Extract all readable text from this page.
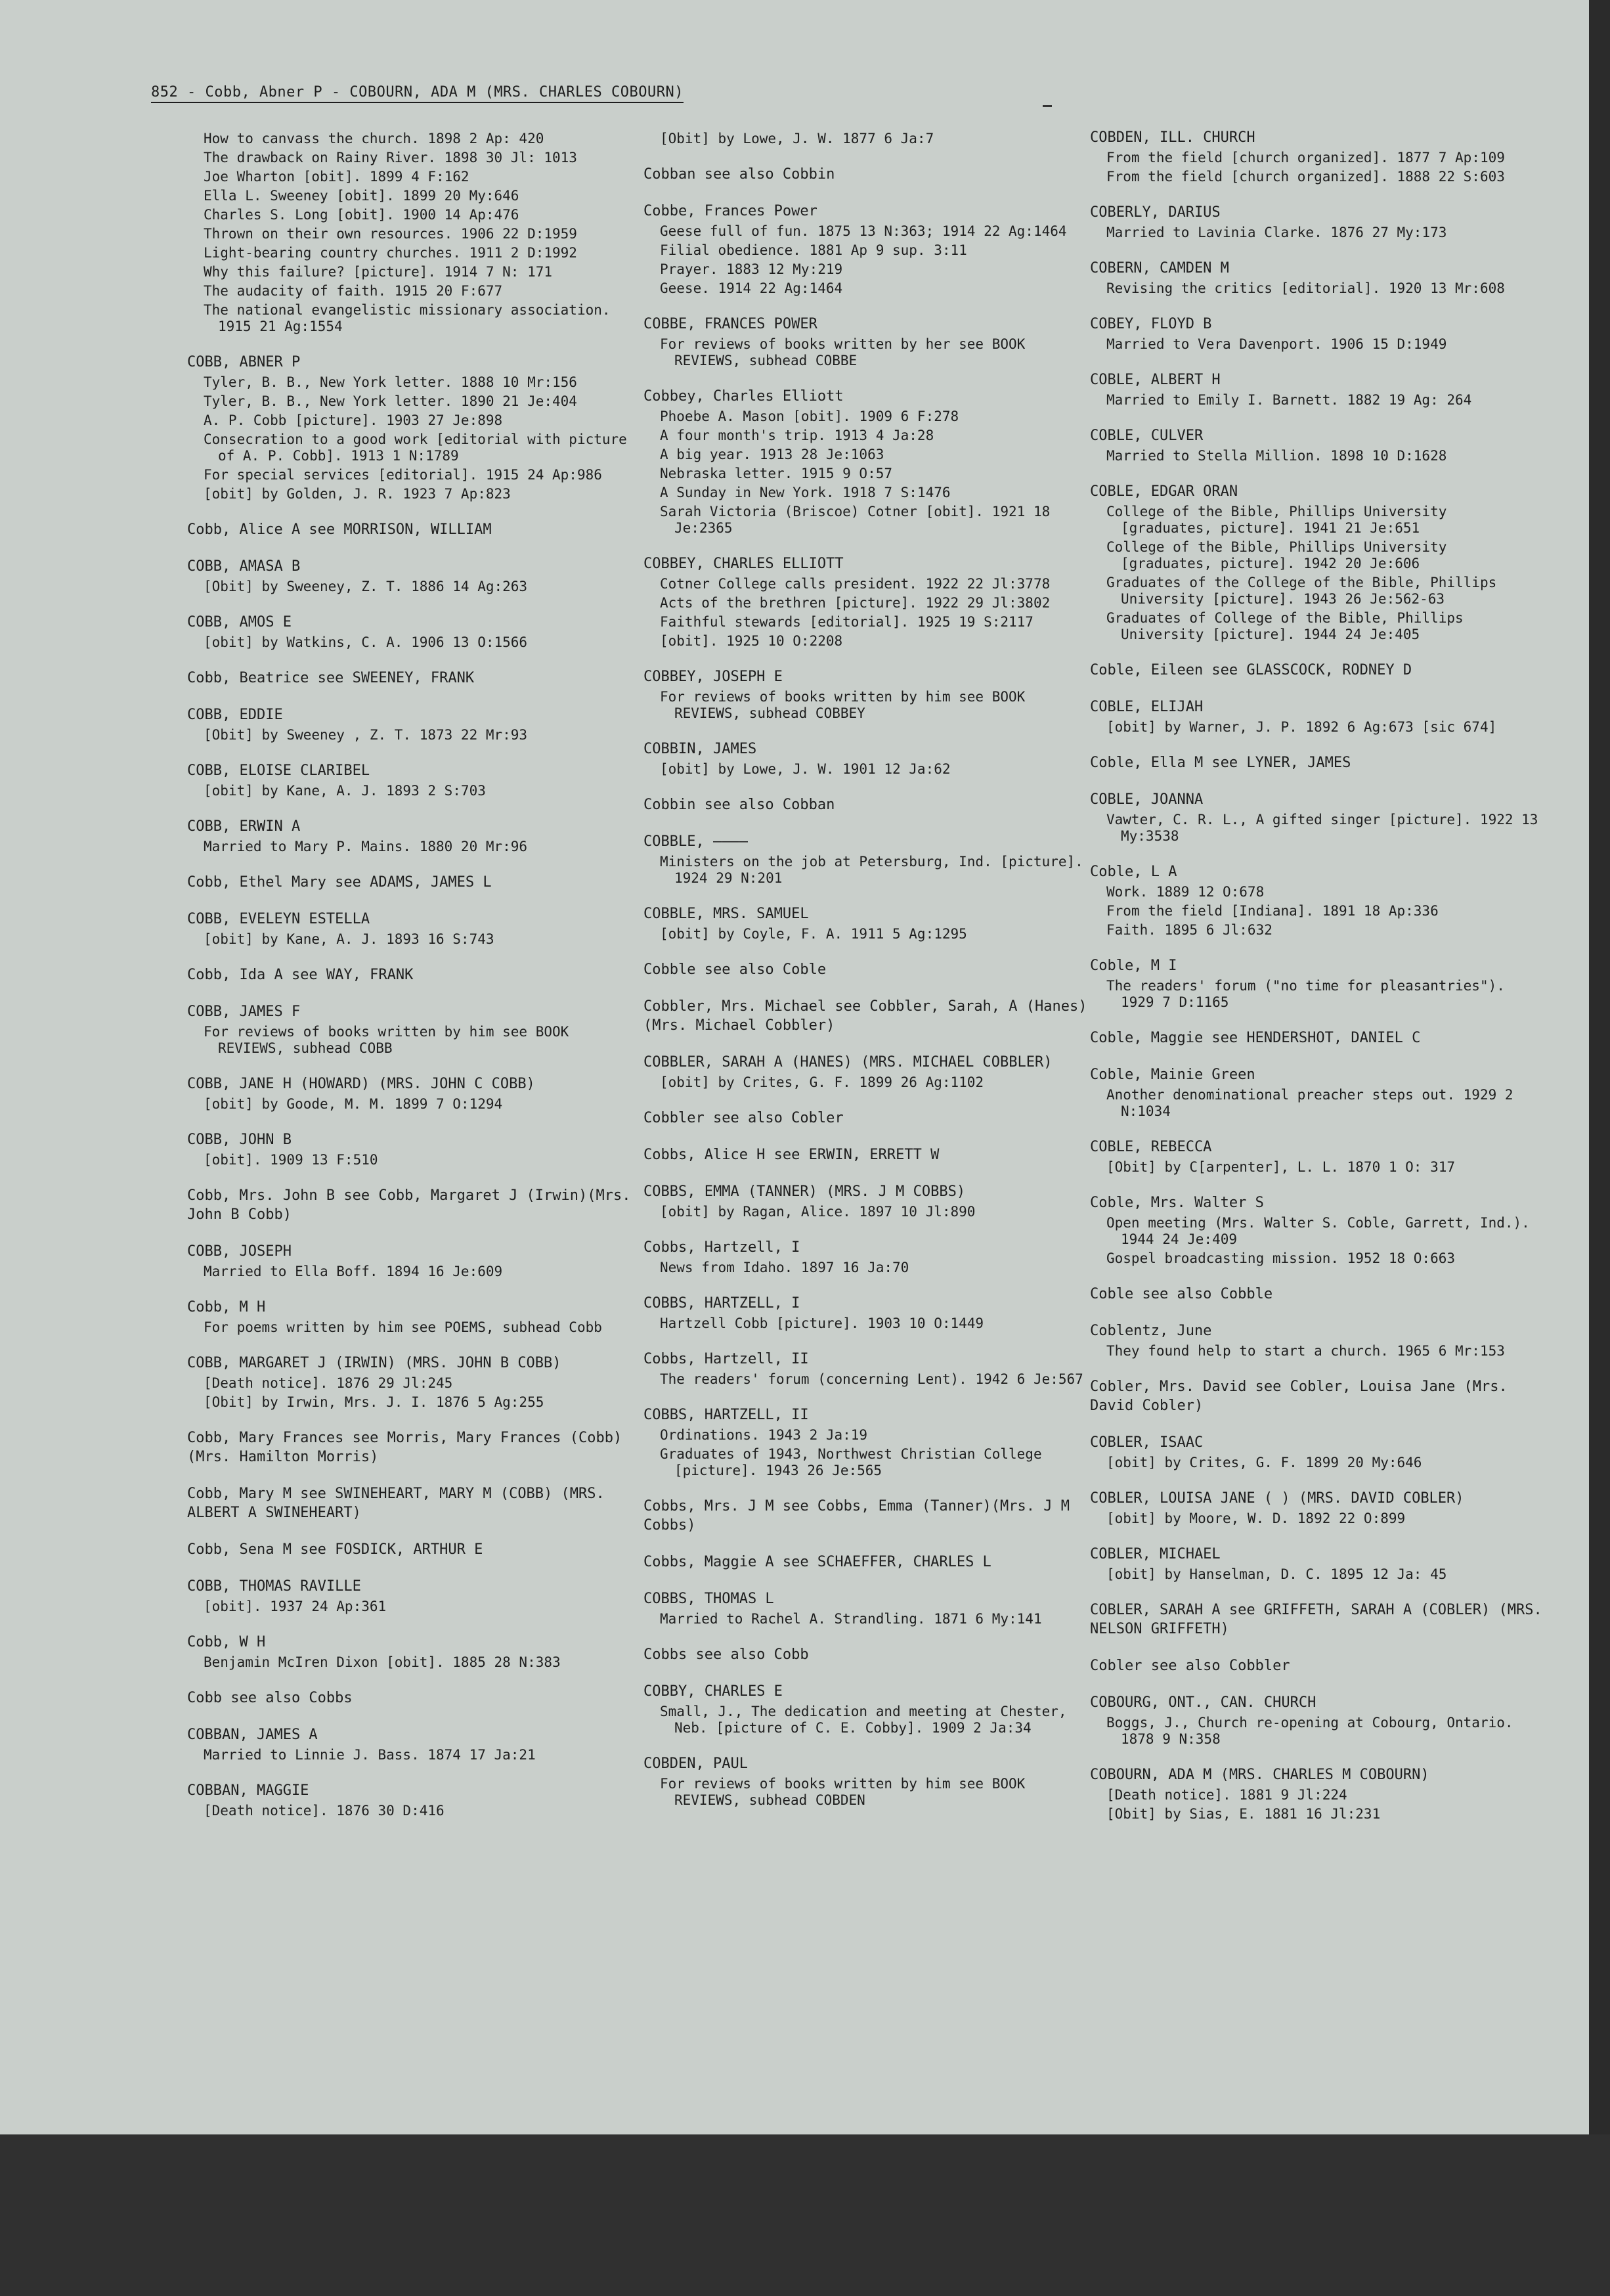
852 - Cobb, Abner P - COBOURN, ADA M (MRS. CHARLES COBOURN)
How to canvass the church. 1898 2 Ap: 420
The drawback on Rainy River. 1898 30 Jl: 1013
Joe Wharton [obit]. 1899 4 F:162
Ella L. Sweeney [obit]. 1899 20 My:646
Charles S. Long [obit]. 1900 14 Ap:476
Thrown on their own resources. 1906 22 D:1959
Light-bearing country churches. 1911 2 D:1992
Why this failure? [picture]. 1914 7 N: 171
The audacity of faith. 1915 20 F:677
The national evangelistic missionary association. 1915 21 Ag:1554
COBB, ABNER P
Tyler, B. B., New York letter. 1888 10 Mr:156
Tyler, B. B., New York letter. 1890 21 Je:404
A. P. Cobb [picture]. 1903 27 Je:898
Consecration to a good work [editorial with picture of A. P. Cobb]. 1913 1 N:1789
For special services [editorial]. 1915 24 Ap:986
[obit] by Golden, J. R. 1923 7 Ap:823
Cobb, Alice A see MORRISON, WILLIAM
COBB, AMASA B
[Obit] by Sweeney, Z. T. 1886 14 Ag:263
COBB, AMOS E
[obit] by Watkins, C. A. 1906 13 O:1566
Cobb, Beatrice see SWEENEY, FRANK
COBB, EDDIE
[Obit] by Sweeney , Z. T. 1873 22 Mr:93
COBB, ELOISE CLARIBEL
[obit] by Kane, A. J. 1893 2 S:703
COBB, ERWIN A
Married to Mary P. Mains. 1880 20 Mr:96
Cobb, Ethel Mary see ADAMS, JAMES L
COBB, EVELEYN ESTELLA
[obit] by Kane, A. J. 1893 16 S:743
Cobb, Ida A see WAY, FRANK
COBB, JAMES F
For reviews of books written by him see BOOK REVIEWS, subhead COBB
COBB, JANE H (HOWARD) (MRS. JOHN C COBB)
[obit] by Goode, M. M. 1899 7 O:1294
COBB, JOHN B
[obit]. 1909 13 F:510
Cobb, Mrs. John B see Cobb, Margaret J (Irwin)(Mrs. John B Cobb)
COBB, JOSEPH
Married to Ella Boff. 1894 16 Je:609
Cobb, M H
For poems written by him see POEMS, subhead Cobb
COBB, MARGARET J (IRWIN) (MRS. JOHN B COBB)
[Death notice]. 1876 29 Jl:245
[Obit] by Irwin, Mrs. J. I. 1876 5 Ag:255
Cobb, Mary Frances see Morris, Mary Frances (Cobb) (Mrs. Hamilton Morris)
Cobb, Mary M see SWINEHEART, MARY M (COBB) (MRS. ALBERT A SWINEHEART)
Cobb, Sena M see FOSDICK, ARTHUR E
COBB, THOMAS RAVILLE
[obit]. 1937 24 Ap:361
Cobb, W H
Benjamin McIren Dixon [obit]. 1885 28 N:383
Cobb see also Cobbs
COBBAN, JAMES A
Married to Linnie J. Bass. 1874 17 Ja:21
COBBAN, MAGGIE
[Death notice]. 1876 30 D:416
[Obit] by Lowe, J. W. 1877 6 Ja:7
Cobban see also Cobbin
Cobbe, Frances Power
Geese full of fun. 1875 13 N:363; 1914 22 Ag:1464
Filial obedience. 1881 Ap 9 sup. 3:11
Prayer. 1883 12 My:219
Geese. 1914 22 Ag:1464
COBBE, FRANCES POWER
For reviews of books written by her see BOOK REVIEWS, subhead COBBE
Cobbey, Charles Elliott
Phoebe A. Mason [obit]. 1909 6 F:278
A four month's trip. 1913 4 Ja:28
A big year. 1913 28 Je:1063
Nebraska letter. 1915 9 O:57
A Sunday in New York. 1918 7 S:1476
Sarah Victoria (Briscoe) Cotner [obit]. 1921 18 Je:2365
COBBEY, CHARLES ELLIOTT
Cotner College calls president. 1922 22 Jl:3778
Acts of the brethren [picture]. 1922 29 Jl:3802
Faithful stewards [editorial]. 1925 19 S:2117
[obit]. 1925 10 O:2208
COBBEY, JOSEPH E
For reviews of books written by him see BOOK REVIEWS, subhead COBBEY
COBBIN, JAMES
[obit] by Lowe, J. W. 1901 12 Ja:62
Cobbin see also Cobban
COBBLE, ————
Ministers on the job at Petersburg, Ind. [picture]. 1924 29 N:201
COBBLE, MRS. SAMUEL
[obit] by Coyle, F. A. 1911 5 Ag:1295
Cobble see also Coble
Cobbler, Mrs. Michael see Cobbler, Sarah, A (Hanes)(Mrs. Michael Cobbler)
COBBLER, SARAH A (HANES) (MRS. MICHAEL COBBLER)
[obit] by Crites, G. F. 1899 26 Ag:1102
Cobbler see also Cobler
Cobbs, Alice H see ERWIN, ERRETT W
COBBS, EMMA (TANNER) (MRS. J M COBBS)
[obit] by Ragan, Alice. 1897 10 Jl:890
Cobbs, Hartzell, I
News from Idaho. 1897 16 Ja:70
COBBS, HARTZELL, I
Hartzell Cobb [picture]. 1903 10 O:1449
Cobbs, Hartzell, II
The readers' forum (concerning Lent). 1942 6 Je:567
COBBS, HARTZELL, II
Ordinations. 1943 2 Ja:19
Graduates of 1943, Northwest Christian College [picture]. 1943 26 Je:565
Cobbs, Mrs. J M see Cobbs, Emma (Tanner)(Mrs. J M Cobbs)
Cobbs, Maggie A see SCHAEFFER, CHARLES L
COBBS, THOMAS L
Married to Rachel A. Strandling. 1871 6 My:141
Cobbs see also Cobb
COBBY, CHARLES E
Small, J., The dedication and meeting at Chester, Neb. [picture of C. E. Cobby]. 1909 2 Ja:34
COBDEN, PAUL
For reviews of books written by him see BOOK REVIEWS, subhead COBDEN
COBDEN, ILL. CHURCH
From the field [church organized]. 1877 7 Ap:109
From the field [church organized]. 1888 22 S:603
COBERLY, DARIUS
Married to Lavinia Clarke. 1876 27 My:173
COBERN, CAMDEN M
Revising the critics [editorial]. 1920 13 Mr:608
COBEY, FLOYD B
Married to Vera Davenport. 1906 15 D:1949
COBLE, ALBERT H
Married to Emily I. Barnett. 1882 19 Ag: 264
COBLE, CULVER
Married to Stella Million. 1898 10 D:1628
COBLE, EDGAR ORAN
College of the Bible, Phillips University [graduates, picture]. 1941 21 Je:651
College of the Bible, Phillips University [graduates, picture]. 1942 20 Je:606
Graduates of the College of the Bible, Phillips University [picture]. 1943 26 Je:562-63
Graduates of College of the Bible, Phillips University [picture]. 1944 24 Je:405
Coble, Eileen see GLASSCOCK, RODNEY D
COBLE, ELIJAH
[obit] by Warner, J. P. 1892 6 Ag:673 [sic 674]
Coble, Ella M see LYNER, JAMES
COBLE, JOANNA
Vawter, C. R. L., A gifted singer [picture]. 1922 13 My:3538
Coble, L A
Work. 1889 12 O:678
From the field [Indiana]. 1891 18 Ap:336
Faith. 1895 6 Jl:632
Coble, M I
The readers' forum ("no time for pleasantries"). 1929 7 D:1165
Coble, Maggie see HENDERSHOT, DANIEL C
Coble, Mainie Green
Another denominational preacher steps out. 1929 2 N:1034
COBLE, REBECCA
[Obit] by C[arpenter], L. L. 1870 1 O: 317
Coble, Mrs. Walter S
Open meeting (Mrs. Walter S. Coble, Garrett, Ind.). 1944 24 Je:409
Gospel broadcasting mission. 1952 18 O:663
Coble see also Cobble
Coblentz, June
They found help to start a church. 1965 6 Mr:153
Cobler, Mrs. David see Cobler, Louisa Jane (Mrs. David Cobler)
COBLER, ISAAC
[obit] by Crites, G. F. 1899 20 My:646
COBLER, LOUISA JANE ( ) (MRS. DAVID COBLER)
[obit] by Moore, W. D. 1892 22 O:899
COBLER, MICHAEL
[obit] by Hanselman, D. C. 1895 12 Ja: 45
COBLER, SARAH A see GRIFFETH, SARAH A (COBLER) (MRS. NELSON GRIFFETH)
Cobler see also Cobbler
COBOURG, ONT., CAN. CHURCH
Boggs, J., Church re-opening at Cobourg, Ontario. 1878 9 N:358
COBOURN, ADA M (MRS. CHARLES M COBOURN)
[Death notice]. 1881 9 Jl:224
[Obit] by Sias, E. 1881 16 Jl:231
